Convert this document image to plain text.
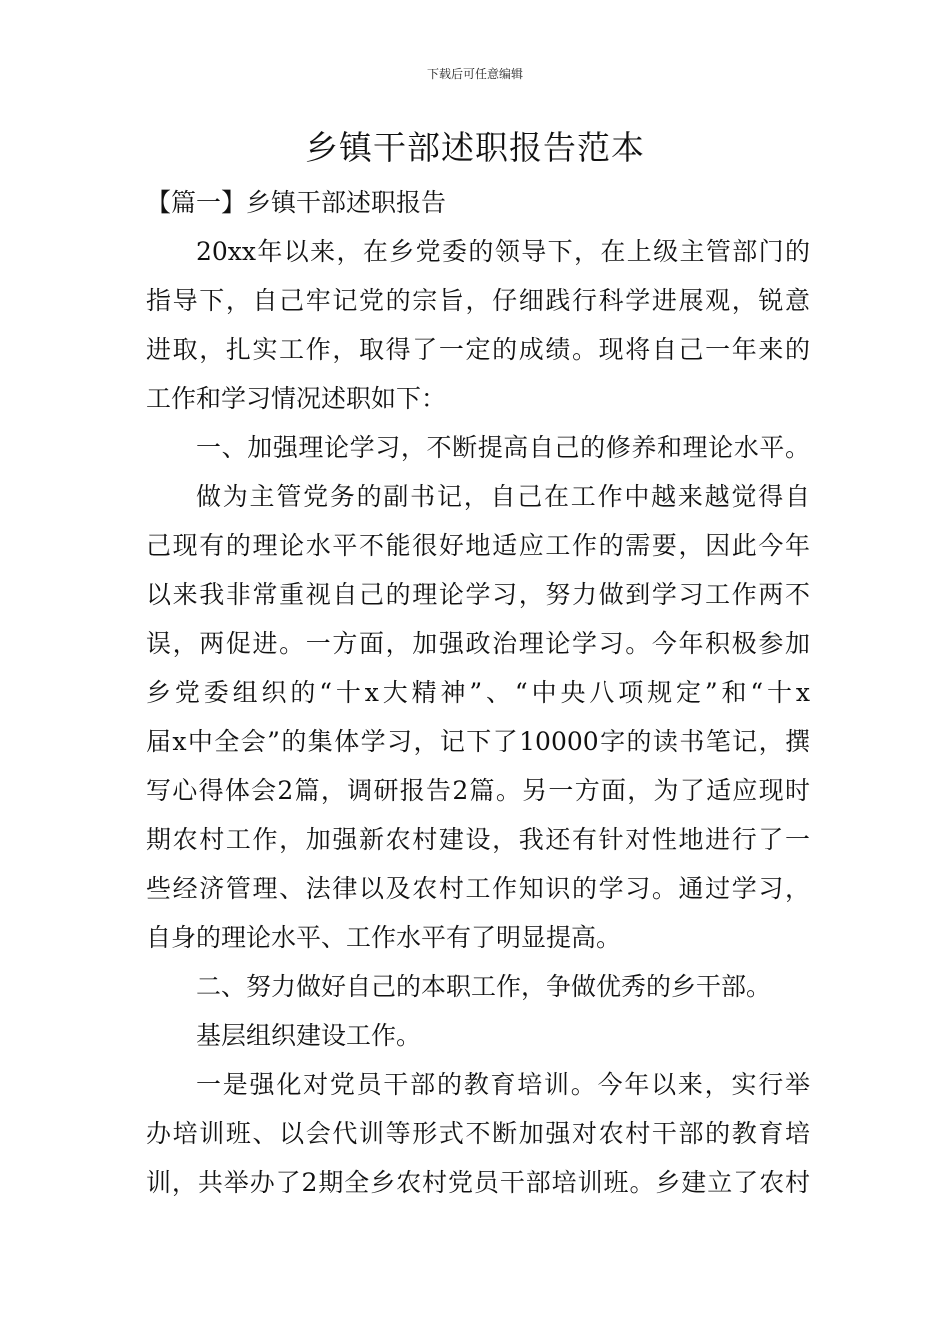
下载后可任意编辑
乡镇干部述职报告范本
【篇一】乡镇干部述职报告
20xx年以来，在乡党委的领导下，在上级主管部门的
指导下，自己牢记党的宗旨，仔细践行科学进展观，锐意
进取，扎实工作，取得了一定的成绩。现将自己一年来的
工作和学习情况述职如下：
一、加强理论学习，不断提高自己的修养和理论水平。
做为主管党务的副书记，自己在工作中越来越觉得自
己现有的理论水平不能很好地适应工作的需要，因此今年
以来我非常重视自己的理论学习，努力做到学习工作两不
误，两促进。一方面，加强政治理论学习。今年积极参加
乡党委组织的“十x大精神”、“中央八项规定”和“十x
届x中全会”的集体学习，记下了10000字的读书笔记，撰
写心得体会2篇，调研报告2篇。另一方面，为了适应现时
期农村工作，加强新农村建设，我还有针对性地进行了一
些经济管理、法律以及农村工作知识的学习。通过学习，
自身的理论水平、工作水平有了明显提高。
二、努力做好自己的本职工作，争做优秀的乡干部。
基层组织建设工作。
一是强化对党员干部的教育培训。今年以来，实行举
办培训班、以会代训等形式不断加强对农村干部的教育培
训，共举办了2期全乡农村党员干部培训班。乡建立了农村
